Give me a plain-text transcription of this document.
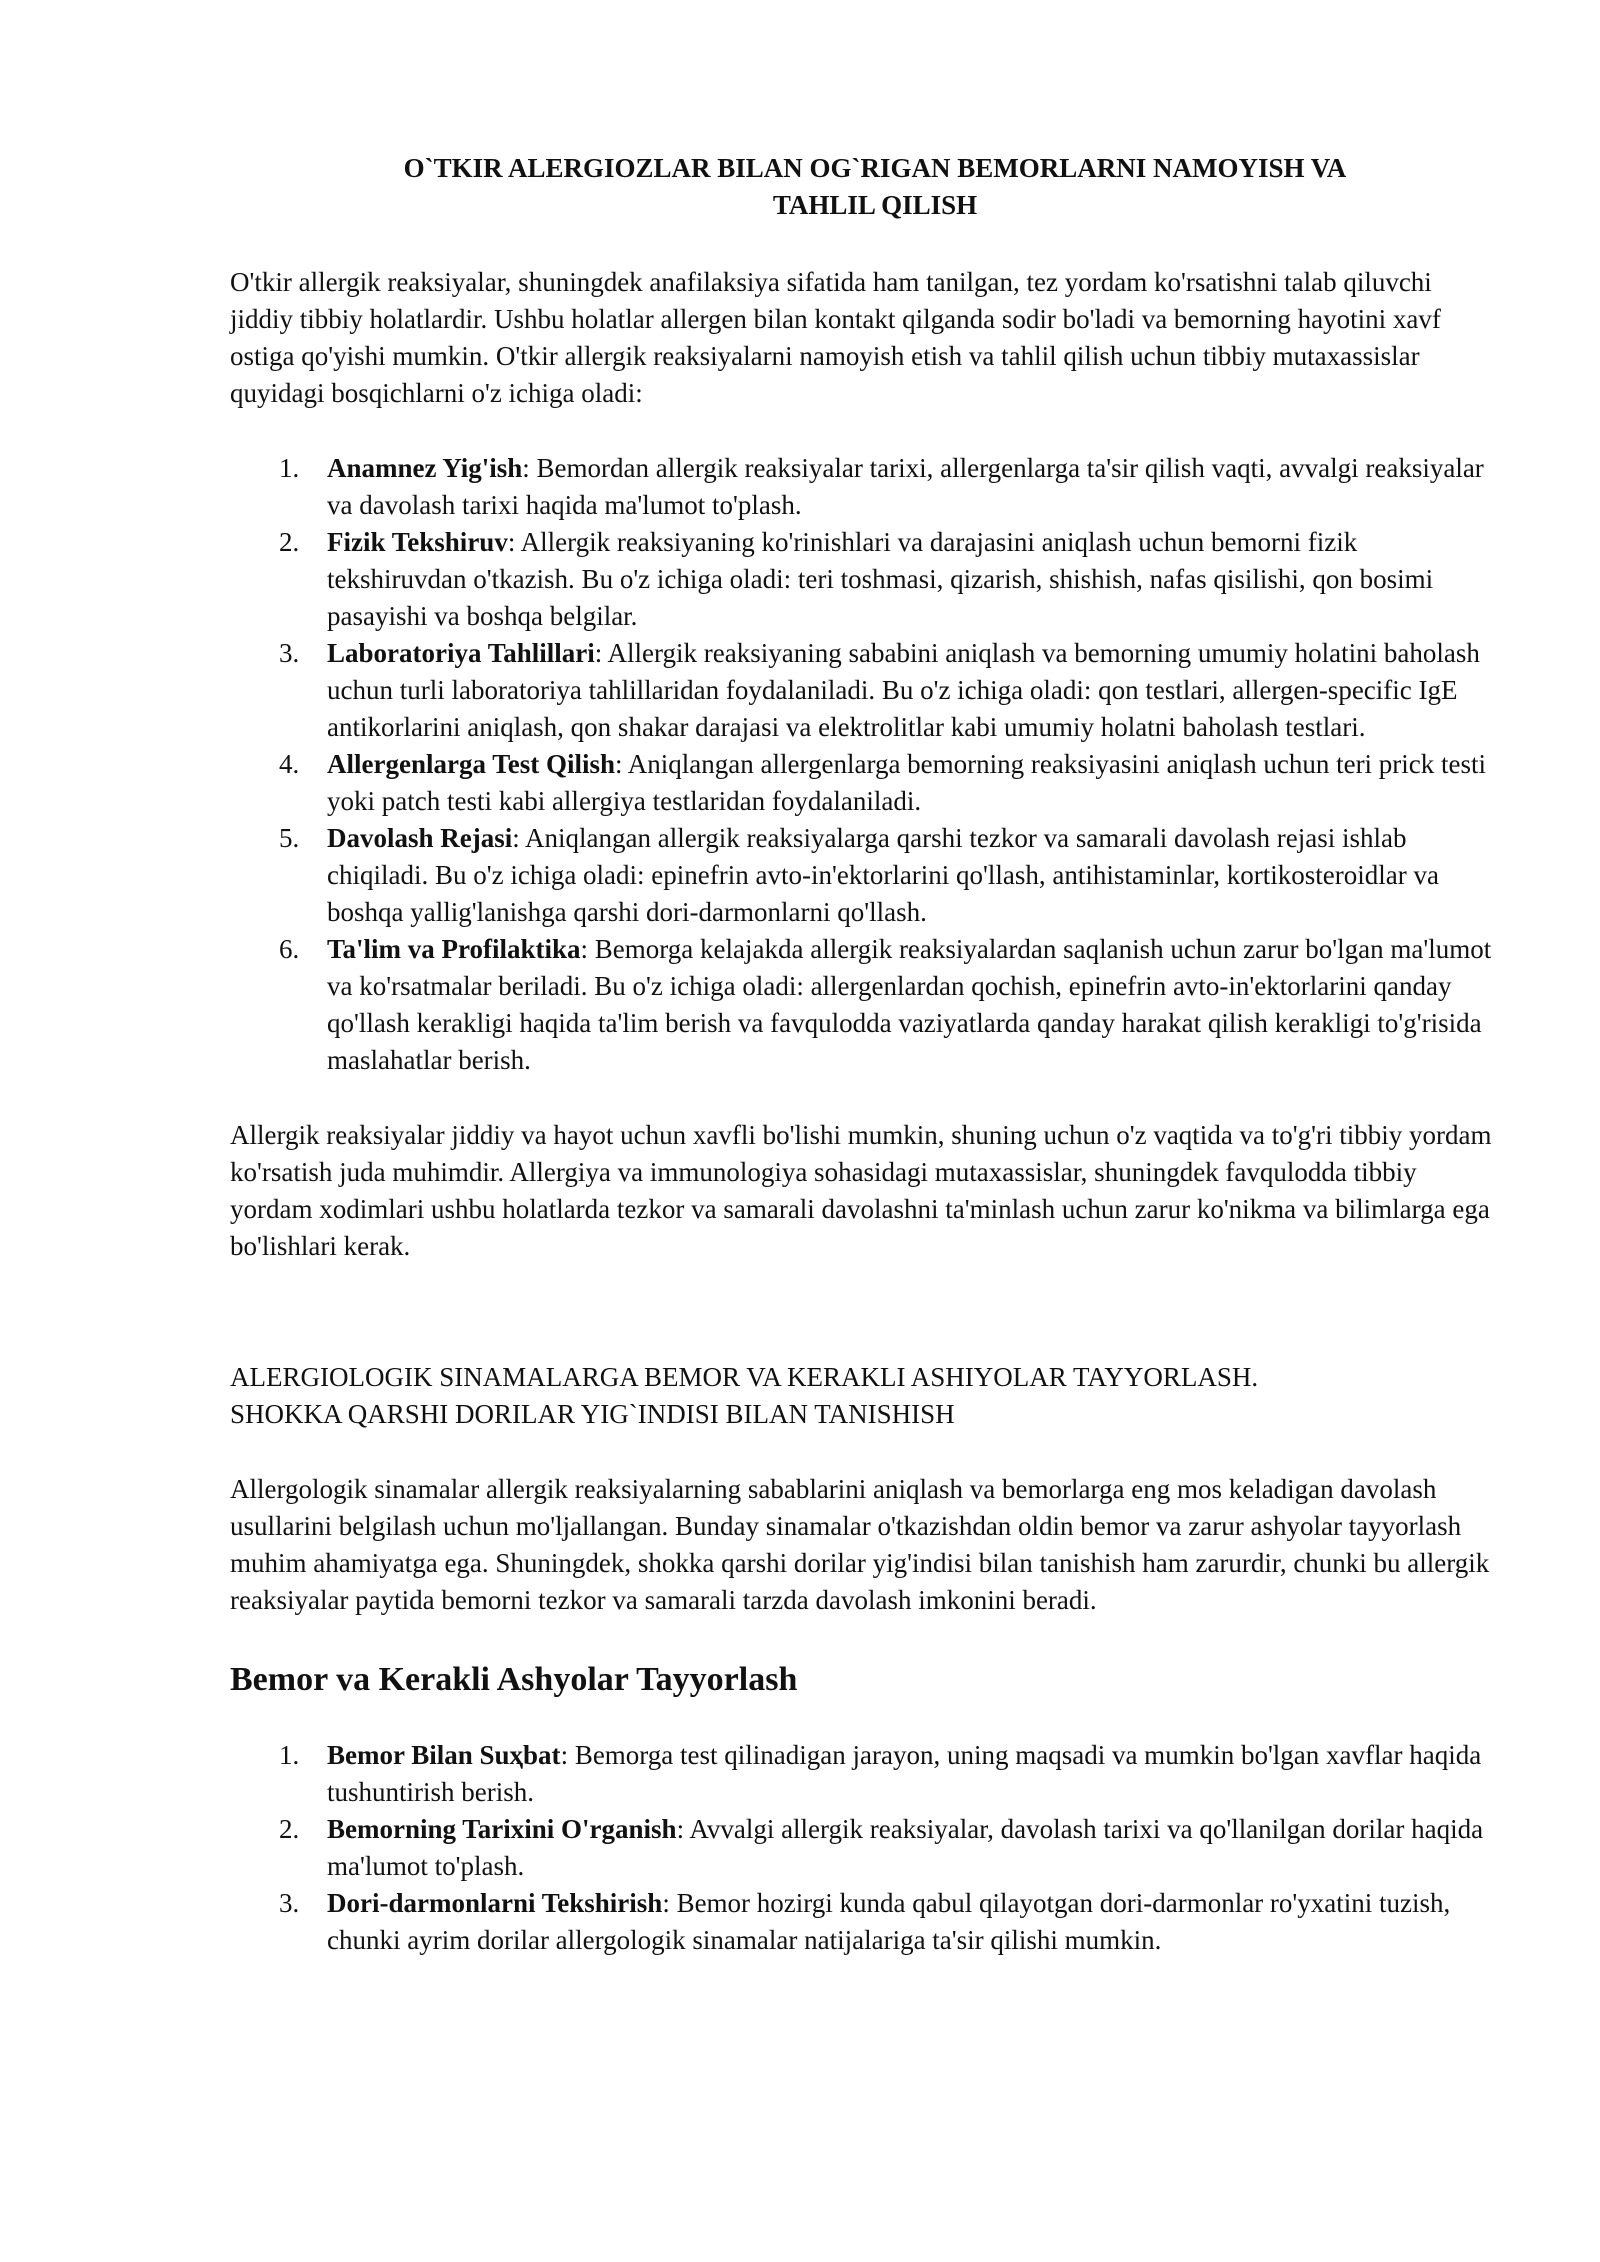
O`TKIR ALERGIOZLAR BILAN OG`RIGAN BEMORLARNI NAMOYISH VA
TAHLIL QILISH

O'tkir allergik reaksiyalar, shuningdek anafilaksiya sifatida ham tanilgan, tez yordam ko'rsatishni talab qiluvchi jiddiy tibbiy holatlardir. Ushbu holatlar allergen bilan kontakt qilganda sodir bo'ladi va bemorning hayotini xavf ostiga qo'yishi mumkin. O'tkir allergik reaksiyalarni namoyish etish va tahlil qilish uchun tibbiy mutaxassislar quyidagi bosqichlarni o'z ichiga oladi:

1. Anamnez Yig'ish: Bemordan allergik reaksiyalar tarixi, allergenlarga ta'sir qilish vaqti, avvalgi reaksiyalar va davolash tarixi haqida ma'lumot to'plash.
2. Fizik Tekshiruv: Allergik reaksiyaning ko'rinishlari va darajasini aniqlash uchun bemorni fizik tekshiruvdan o'tkazish. Bu o'z ichiga oladi: teri toshmasi, qizarish, shishish, nafas qisilishi, qon bosimi pasayishi va boshqa belgilar.
3. Laboratoriya Tahlillari: Allergik reaksiyaning sababini aniqlash va bemorning umumiy holatini baholash uchun turli laboratoriya tahlillaridan foydalaniladi. Bu o'z ichiga oladi: qon testlari, allergen-specific IgE antikorlarini aniqlash, qon shakar darajasi va elektrolitlar kabi umumiy holatni baholash testlari.
4. Allergenlarga Test Qilish: Aniqlangan allergenlarga bemorning reaksiyasini aniqlash uchun teri prick testi yoki patch testi kabi allergiya testlaridan foydalaniladi.
5. Davolash Rejasi: Aniqlangan allergik reaksiyalarga qarshi tezkor va samarali davolash rejasi ishlab chiqiladi. Bu o'z ichiga oladi: epinefrin avto-in'ektorlarini qo'llash, antihistaminlar, kortikosteroidlar va boshqa yallig'lanishga qarshi dori-darmonlarni qo'llash.
6. Ta'lim va Profilaktika: Bemorga kelajakda allergik reaksiyalardan saqlanish uchun zarur bo'lgan ma'lumot va ko'rsatmalar beriladi. Bu o'z ichiga oladi: allergenlardan qochish, epinefrin avto-in'ektorlarini qanday qo'llash kerakligi haqida ta'lim berish va favqulodda vaziyatlarda qanday harakat qilish kerakligi to'g'risida maslahatlar berish.

Allergik reaksiyalar jiddiy va hayot uchun xavfli bo'lishi mumkin, shuning uchun o'z vaqtida va to'g'ri tibbiy yordam ko'rsatish juda muhimdir. Allergiya va immunologiya sohasidagi mutaxassislar, shuningdek favqulodda tibbiy yordam xodimlari ushbu holatlarda tezkor va samarali davolashni ta'minlash uchun zarur ko'nikma va bilimlarga ega bo'lishlari kerak.

ALERGIOLOGIK SINAMALARGA BEMOR VA KERAKLI ASHIYOLAR TAYYORLASH.
SHOKKA QARSHI DORILAR YIG`INDISI BILAN TANISHISH

Allergologik sinamalar allergik reaksiyalarning sabablarini aniqlash va bemorlarga eng mos keladigan davolash usullarini belgilash uchun mo'ljallangan. Bunday sinamalar o'tkazishdan oldin bemor va zarur ashyolar tayyorlash muhim ahamiyatga ega. Shuningdek, shokka qarshi dorilar yig'indisi bilan tanishish ham zarurdir, chunki bu allergik reaksiyalar paytida bemorni tezkor va samarali tarzda davolash imkonini beradi.

Bemor va Kerakli Ashyolar Tayyorlash
1. Bemor Bilan Suҳbat: Bemorga test qilinadigan jarayon, uning maqsadi va mumkin bo'lgan xavflar haqida tushuntirish berish.
2. Bemorning Tarixini O'rganish: Avvalgi allergik reaksiyalar, davolash tarixi va qo'llanilgan dorilar haqida ma'lumot to'plash.
3. Dori-darmonlarni Tekshirish: Bemor hozirgi kunda qabul qilayotgan dori-darmonlar ro'yxatini tuzish, chunki ayrim dorilar allergologik sinamalar natijalariga ta'sir qilishi mumkin.
